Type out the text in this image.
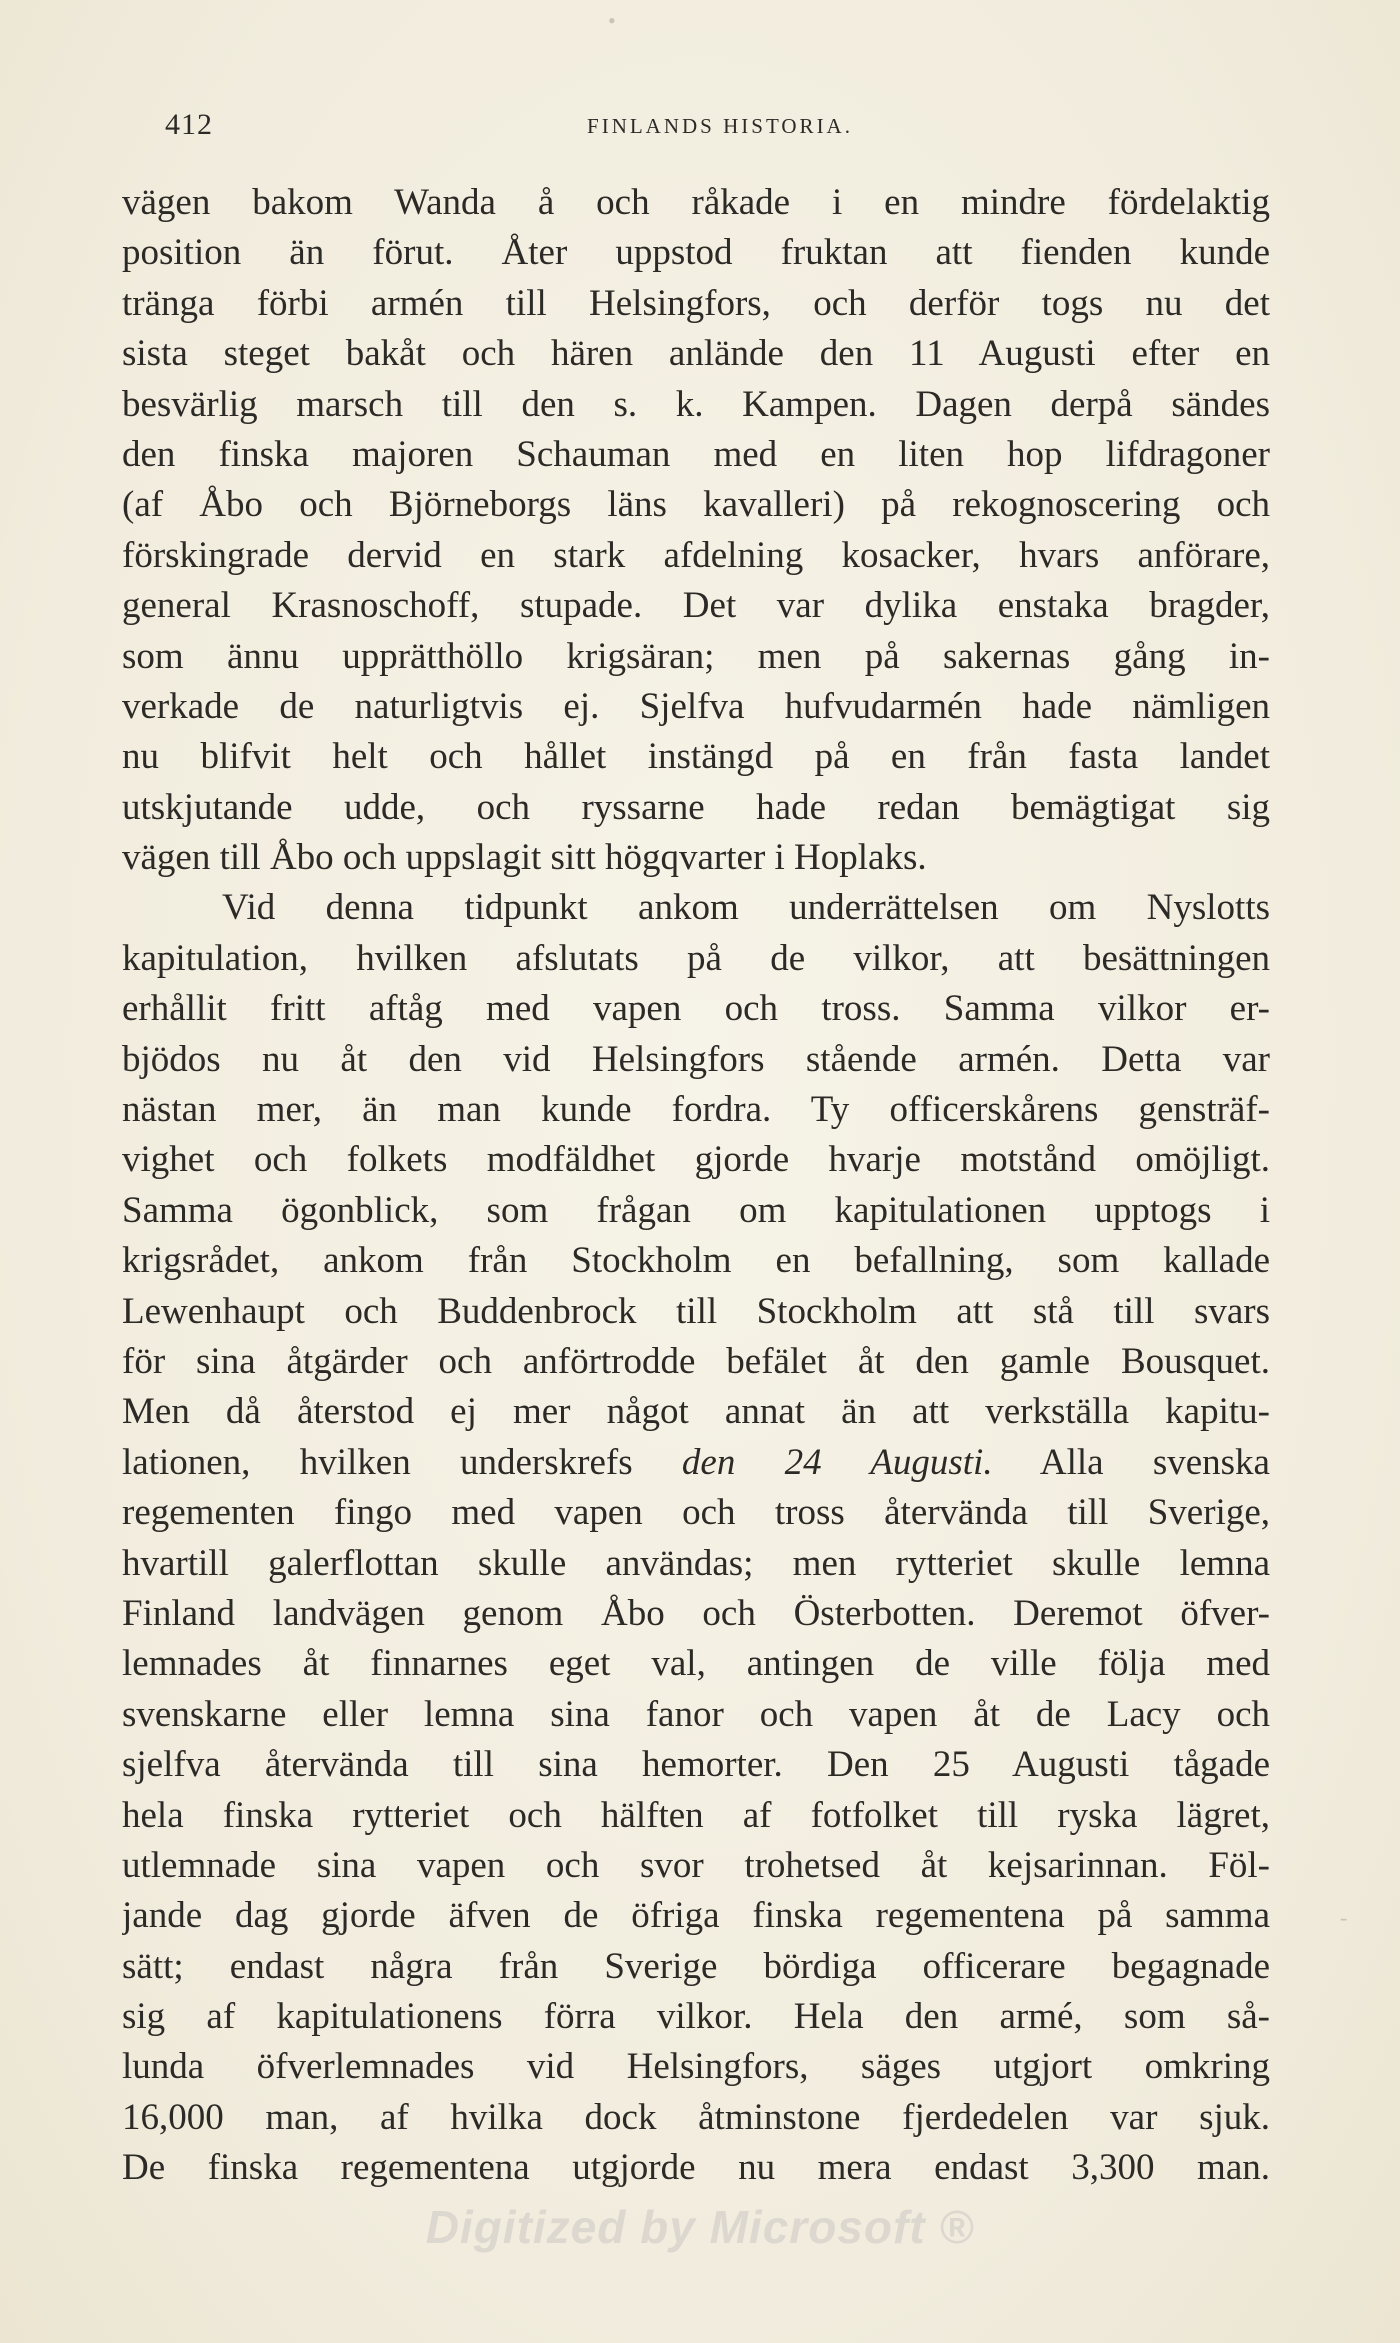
412	FINLANDS HISTORIA.
vägen bakom Wanda å och råkade i en mindre fördelaktig
position än förut. Åter uppstod fruktan att fienden kunde
tränga förbi armén till Helsingfors, och derför togs nu det
sista steget bakåt och hären anlände den 11 Augusti efter en
besvärlig marsch till den s. k. Kampen. Dagen derpå sändes
den finska majoren Schauman med en liten hop lifdragoner
(af Åbo och Björneborgs läns kavalleri) på rekognoscering och
förskingrade dervid en stark afdelning kosacker, hvars anförare,
general Krasnoschoff, stupade. Det var dylika enstaka bragder,
som ännu upprätthöllo krigsäran; men på sakernas gång in-
verkade de naturligtvis ej. Sjelfva hufvudarmén hade nämligen
nu blifvit helt och hållet instängd på en från fasta landet
utskjutande udde, och ryssarne hade redan bemägtigat sig
vägen till Åbo och uppslagit sitt högqvarter i Hoplaks.
Vid denna tidpunkt ankom underrättelsen om Nyslotts
kapitulation, hvilken afslutats på de vilkor, att besättningen
erhållit fritt aftåg med vapen och tross. Samma vilkor er-
bjödos nu åt den vid Helsingfors stående armén. Detta var
nästan mer, än man kunde fordra. Ty officerskårens gensträf-
vighet och folkets modfäldhet gjorde hvarje motstånd omöjligt.
Samma ögonblick, som frågan om kapitulationen upptogs i
krigsrådet, ankom från Stockholm en befallning, som kallade
Lewenhaupt och Buddenbrock till Stockholm att stå till svars
för sina åtgärder och anförtrodde befälet åt den gamle Bousquet.
Men då återstod ej mer något annat än att verkställa kapitu-
lationen, hvilken underskrefs den 24 Augusti. Alla svenska
regementen fingo med vapen och tross återvända till Sverige,
hvartill galerflottan skulle användas; men rytteriet skulle lemna
Finland landvägen genom Åbo och Österbotten. Deremot öfver-
lemnades åt finnarnes eget val, antingen de ville följa med
svenskarne eller lemna sina fanor och vapen åt de Lacy och
sjelfva återvända till sina hemorter. Den 25 Augusti tågade
hela finska rytteriet och hälften af fotfolket till ryska lägret,
utlemnade sina vapen och svor trohetsed åt kejsarinnan. Föl-
jande dag gjorde äfven de öfriga finska regementena på samma
sätt; endast några från Sverige bördiga officerare begagnade
sig af kapitulationens förra vilkor. Hela den armé, som så-
lunda öfverlemnades vid Helsingfors, säges utgjort omkring
16,000 man, af hvilka dock åtminstone fjerdedelen var sjuk.
De finska regementena utgjorde nu mera endast 3,300 man.
•
-
Digitized by Microsoft ®
